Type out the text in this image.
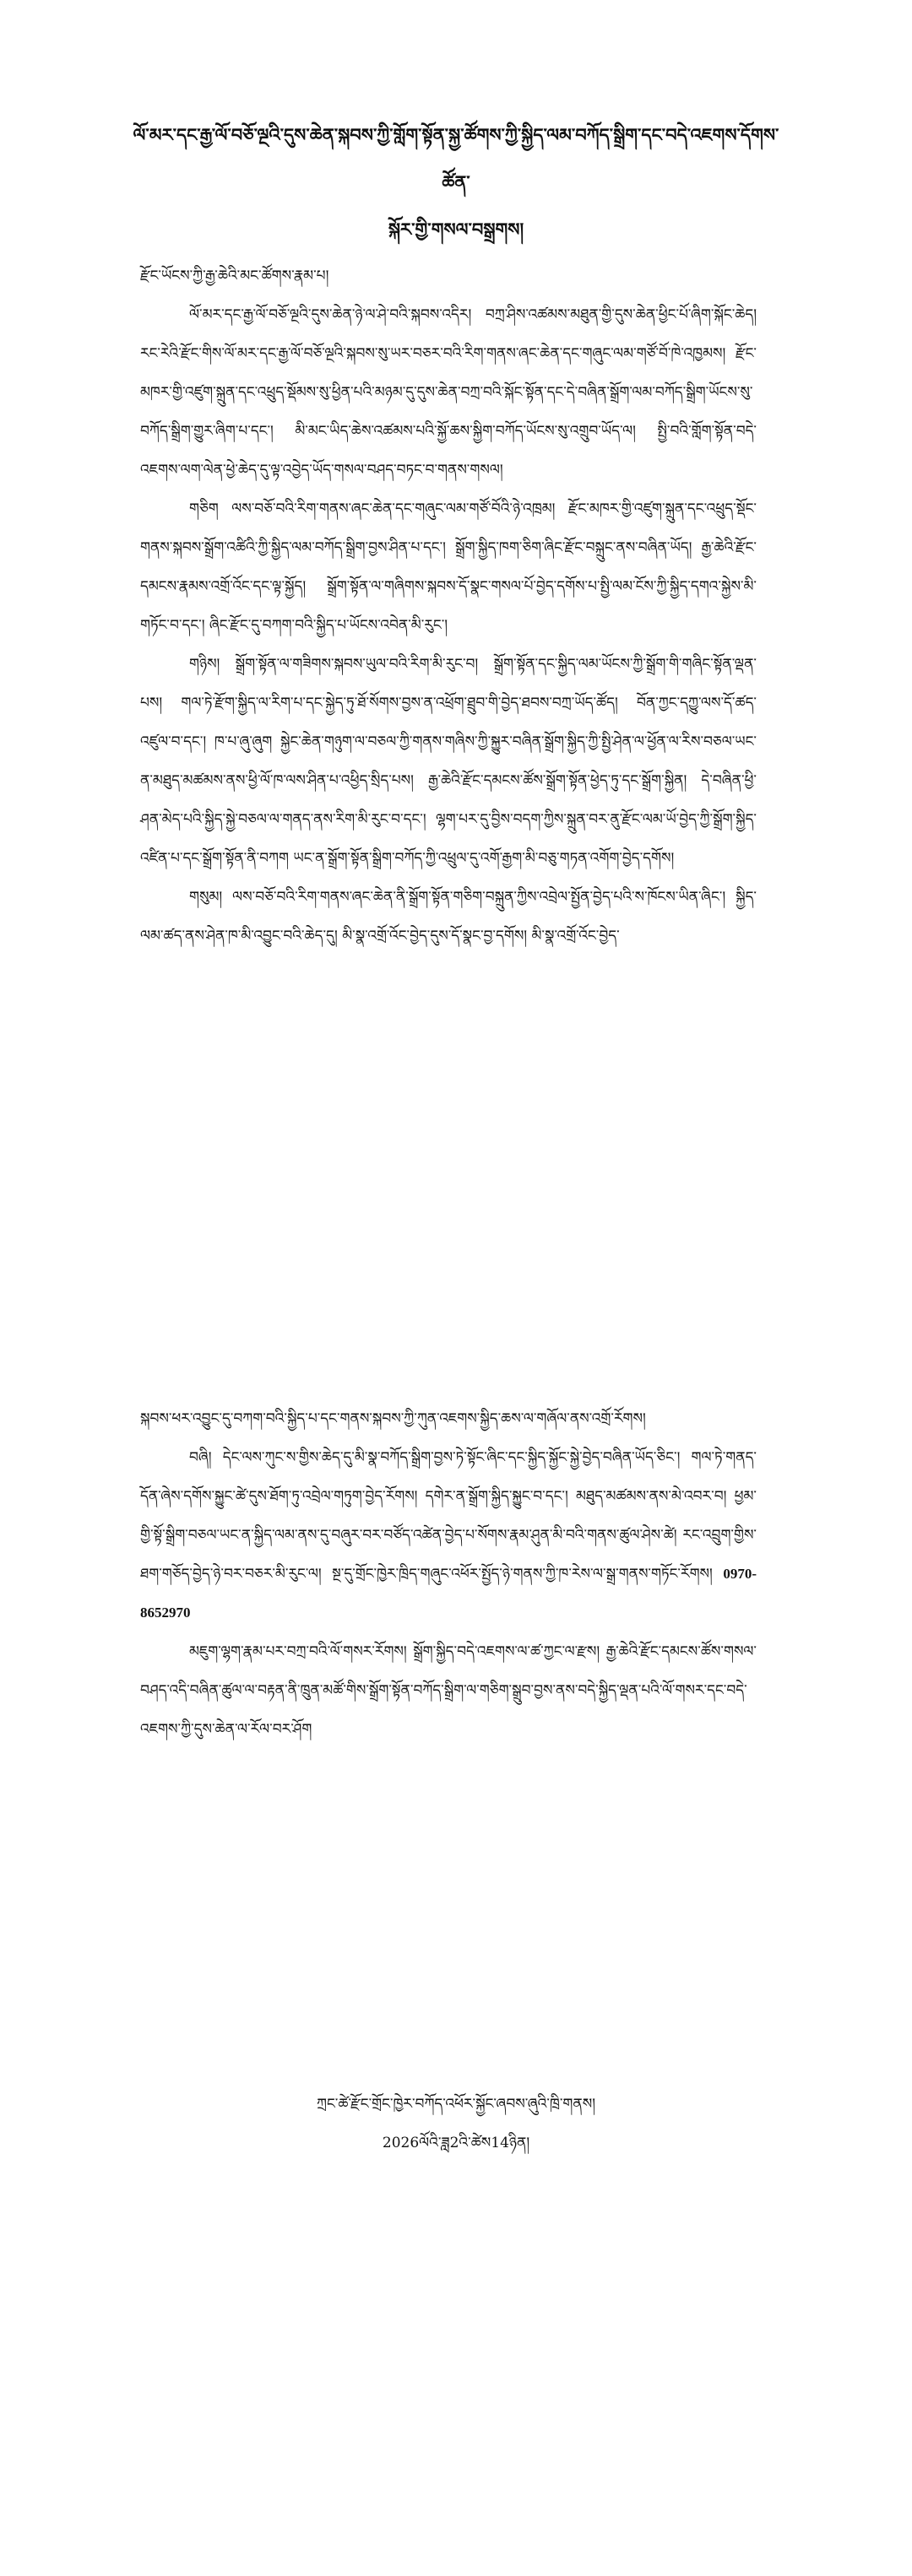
ལོ་མར་དང་རྒྱ་ལོ་བཅོ་ལྔའི་དུས་ཆེན་སྐབས་ཀྱི་གློག་སྟོན་སྐྱ་ཚོགས་ཀྱི་སྐྱིད་ལམ་བཀོད་སྒྲིག་དང་བདེ་འཇགས་དོགས་ཚོན་
སྐོར་གྱི་གསལ་བསྒྲགས།

རྫོང་ཡོངས་ཀྱི་རྒྱ་ཆེའི་མང་ཚོགས་རྣམ་པ།

ལོ་མར་དང་རྒྱ་ལོ་བཅོ་ལྔའི་དུས་ཆེན་ཉེ་ལ་ཤེ་བའི་སྐབས་འདིར། བཀྲ་ཤིས་འཚམས་མཐུན་གྱི་དུས་ཆེན་ཕྱིང་པོ་ཞིག་སྐོང་ཆེད། རང་རེའི་རྫོང་གིས་ལོ་མར་དང་རྒྱ་ལོ་བཅོ་ལྔའི་སྐབས་སུ་ཡར་བཅར་བའི་རིག་གནས་ཞང་ཆེན་དང་གཞུང་ལམ་གཙོ་བོ་ཁེ་འཁྱམས། རྫོང་མཁར་གྱི་འཛུག་སྐྲུན་དང་འཕྲུད་སྡོམས་སུ་ཕྱིན་པའི་མཉམ་དུ་དུས་ཆེན་བཀྲ་བའི་སྐོང་སྟོན་དང་དེ་བཞིན་སྒྲོག་ལམ་བཀོད་སྒྲིག་ཡོངས་སུ་བཀོད་སྒྲིག་གྱུར་ཞིག་པ་དང་། མི་མང་ཡིད་ཆེས་འཚམས་པའི་སྐྱོ་ཆས་སྐྱིག་བཀོད་ཡོངས་སུ་འགྲུབ་ཡོད་ལ། སྤྱི་བའི་གློག་སྟོན་བདེ་འཇགས་ལག་ལེན་ཕྱེ་ཆེད་དུ་ལྟ་འབྱེད་ཡོད་གསལ་བཤད་བཏང་བ་གནས་གསལ།

གཅིག ལས་བཅོ་བའི་རིག་གནས་ཞང་ཆེན་དང་གཞུང་ལམ་གཙོ་བོའི་ཉེ་འཁྲམ། རྫོང་མཁར་གྱི་འཛུག་སྐྲུན་དང་འཕྲུད་སྡོང་གནས་སྐབས་སྒྲོག་འཚིའི་ཀྱི་སྐྱིད་ལམ་བཀོད་སྒྲིག་བྱས་ཤིན་པ་དང་། སྒྲོག་སྐྱིད་ཁག་ཅིག་ཞིང་རྫོང་བསྐྲུང་ནས་བཞིན་ཡོད། རྒྱ་ཆེའི་རྫོང་དམངས་རྣམས་འགྲོ་འོང་དང་ལྟ་སྐྱོད། སྒྲོག་སྟོན་ལ་གཞིགས་སྐབས་དོ་སྣང་གསལ་པོ་བྱེད་དགོས་པ་སྤྱི་ལམ་ངོས་ཀྱི་སྐྱིད་དགའ་སྐྱེས་མི་གཏོང་བ་དང་། ཞིང་རྫོང་དུ་བཀག་བའི་སྐྱིད་པ་ཡོངས་འབེན་མི་རུང་།

གཉིས། སྒྲོག་སྟོན་ལ་གཟིགས་སྐབས་ཡུལ་བའི་རིག་མི་རུང་བ། སྒྲོག་སྟོན་དང་སྐྱིད་ལམ་ཡོངས་ཀྱི་སྒྲོག་གི་གཞིང་སྟོན་ལྡན་པས། གལ་ཏེ་རྫོག་སྐྱིད་ལ་རིག་པ་དང་སྐྱེད་ཏུ་ཐོ་སོགས་བྱས་ན་འཕྲོག་ཐྲུབ་གི་བྱེད་ཐབས་བཀྲ་ཡོད་ཚོད། བོན་ཀྱང་དཀྱུ་ལས་དོ་ཚད་འཛུལ་བ་དང་། ཁ་པ་ཞུ་ཞུག སྐྱེང་ཆེན་གཉུག་ལ་བཅལ་ཀྱི་གནས་གཞིས་ཀྱི་སྐྱུར་བཞིན་སྒྲོག་སྐྱིད་ཀྱི་སྤྱི་ཤེན་ལ་ཕྱོན་ལ་རིས་བཅལ་ཡང་ན་མཐུད་མཚམས་ནས་ཕྱི་ལོ་ཁ་ལས་ཤིན་པ་འཕྱིད་སྲིད་པས། རྒྱ་ཆེའི་རྫོང་དམངས་ཚོས་སྒྲོག་སྟོན་ཕྱེད་ཏུ་དང་སྒྲོག་སྐྱིན། དེ་བཞིན་ཕྱི་ཤན་མེད་པའི་སྐྱིད་སྐྱེ་བཅལ་ལ་གནད་ནས་རིག་མི་རུང་བ་དང་། ལྷག་པར་དུ་བྱིས་བདག་ཀྱིས་སྐྲུན་བར་ནུ་རྫོང་ལམ་ཡོ་བྱེད་ཀྱི་སྒྲོག་སྐྱིད་འཛིན་པ་དང་སྒྲོག་སྟོན་ནི་བཀག ཡང་ན་སྒྲོག་སྟོན་སྒྲིག་བཀོད་ཀྱི་འཕྲུལ་དུ་འགོ་རྒྱག་མི་བཅུ་གཏན་འགོག་བྱེད་དགོས།

གསུམ། ལས་བཅོ་བའི་རིག་གནས་ཞང་ཆེན་ནི་སྒྲོག་སྟོན་གཅིག་བསྐྲུན་ཀྱིས་འབྲེལ་སྤྱོན་བྱེད་པའི་ས་ཁོངས་ཡིན་ཞིང་། སྐྱིད་ལམ་ཚད་ནས་ཤེན་ཁ་མི་འབྱུང་བའི་ཆེད་དུ། མི་སྣ་འགྲོ་འོང་བྱེད་དུས་དོ་སྣང་བྱ་དགོས། མི་སྣ་འགྲོ་འོང་བྱེད་

སྐབས་ཕར་འབྱུང་དུ་བཀག་བའི་སྐྱིད་པ་དང་གནས་སྐབས་ཀྱི་ཀུན་འཇགས་སྐྱིད་ཆས་ལ་གཞོལ་ནས་འགྲོ་རོགས།

བཞི། དེང་ལས་ཀུང་ས་གྱིས་ཆེད་དུ་མི་སྣ་བཀོད་སྒྲིག་བྱས་ཏེ་སྟོང་ཞིང་དང་སྐྱིད་སྐྱོང་སྐྱེ་བྱེད་བཞིན་ཡོད་ཅིང་། གལ་ཏེ་གནད་དོན་ཞེས་དགོས་སྐྱུང་ཚེ་དུས་ཐོག་ཏུ་འབྲེལ་གཏུག་བྱེད་རོགས། དགེར་ན་སྒྲོག་སྐྱིད་སྐྱུང་བ་དང་། མཐུད་མཚམས་ནས་མེ་འབར་བ། ཕྱམ་གྱི་སྟོ་སྒྲིག་བཅལ་ཡང་ན་སྐྱིད་ལམ་ནས་དུ་བཞུར་བར་བཙོད་འཚེན་བྱེད་པ་སོགས་རྣམ་ཤུན་མི་བའི་གནས་ཚུལ་ཤེས་ཚེ། རང་འབྲུག་གྱིས་ཐག་གཅོད་བྱེད་ཉེ་བར་བཅར་མི་རུང་ལ། སྔ་དུ་གྲོང་ཁྱེར་ཁྲིད་གཞུང་འཕོར་སྤྱོད་ཉེ་གནས་ཀྱི་ཁ་རེས་ལ་སྒྲ་གནས་གཏོང་རོགས། 0970-8652970

མཇུག་ལྷག་རྣམ་པར་བཀྲ་བའི་ལོ་གསར་རོགས། སྒྲོག་སྐྱིད་བདེ་འཇགས་ལ་ཚ་ཀྱང་ལ་རྫས། རྒྱ་ཆེའི་རྫོང་དམངས་ཚོས་གསལ་བཤད་འདི་བཞིན་ཚུལ་ལ་བརྟན་ནི་ཁྲུན་མཚོ་གིས་སྒྲོག་སྟོན་བཀོད་སྒྲིག་ལ་གཅིག་སྒྲུབ་བྱས་ནས་བདེ་སྐྱིད་ལྡན་པའི་ལོ་གསར་དང་བདེ་འཇགས་ཀྱི་དུས་ཆེན་ལ་རོལ་བར་ཤོག

ཀྲང་ཚེ་རྫོང་གྲོང་ཁྱེར་བཀོད་འཕོར་སྐྱོང་ཞབས་ཞུའི་ཁྲི་གནས།
2026ལོའི་ཟླ2འི་ཚེས14ཉིན།
